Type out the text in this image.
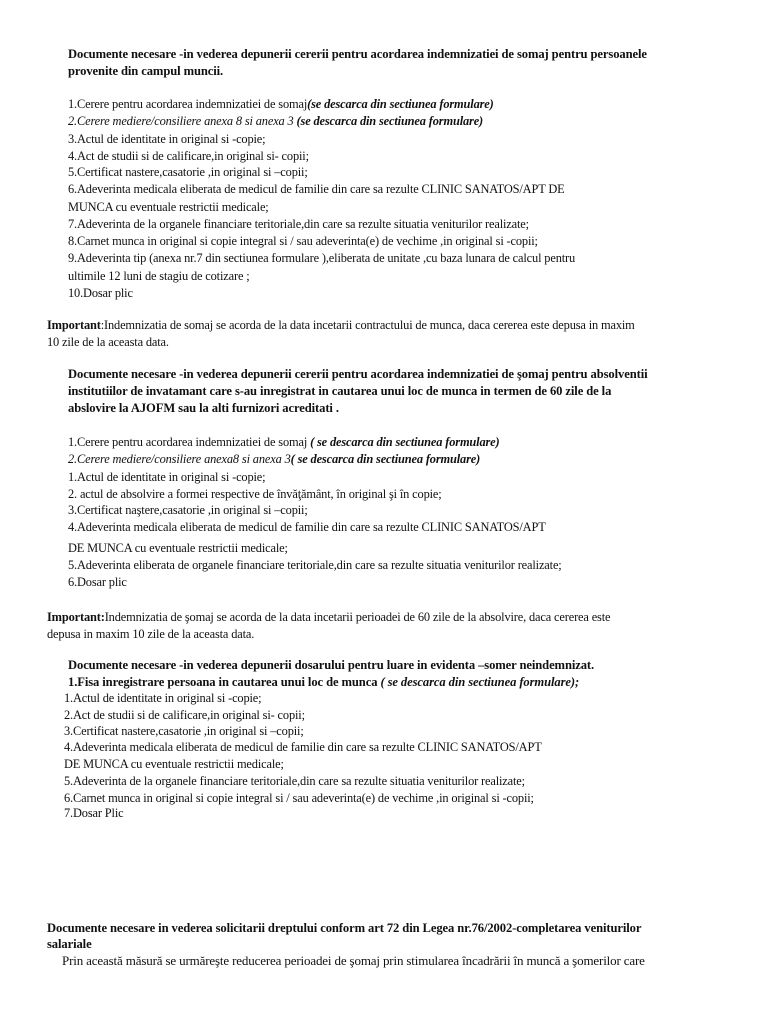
Documente necesare -in vederea depunerii cererii pentru acordarea indemnizatiei de somaj pentru persoanele
provenite din campul muncii.
1.Cerere pentru acordarea indemnizatiei de somaj(se descarca din sectiunea formulare)
2.Cerere mediere/consiliere anexa 8 si anexa 3 (se descarca din sectiunea formulare)
3.Actul de identitate in original si -copie;
4.Act de studii si de calificare,in original si- copii;
5.Certificat nastere,casatorie ,in original si –copii;
6.Adeverinta medicala eliberata de medicul de familie din care sa rezulte CLINIC SANATOS/APT DE
MUNCA cu eventuale restrictii medicale;
7.Adeverinta de la organele financiare teritoriale,din care sa rezulte situatia veniturilor realizate;
8.Carnet munca in original si copie integral si / sau adeverinta(e) de vechime ,in original si -copii;
9.Adeverinta tip (anexa nr.7 din sectiunea formulare ),eliberata de unitate ,cu baza lunara de calcul pentru
ultimile 12 luni de stagiu de cotizare ;
10.Dosar plic
Important:Indemnizatia de somaj se acorda de la data incetarii contractului de munca, daca cererea este depusa in maxim
10 zile de la aceasta data.
Documente necesare -in vederea depunerii cererii pentru acordarea indemnizatiei de şomaj pentru absolventii
institutiilor de invatamant care s-au inregistrat in cautarea unui loc de munca in termen de 60 zile de la
abslovire la AJOFM sau la alti furnizori acreditati .
1.Cerere pentru acordarea indemnizatiei de somaj ( se descarca din sectiunea formulare)
2.Cerere mediere/consiliere anexa8 si anexa 3( se descarca din sectiunea formulare)
1.Actul de identitate in original si -copie;
2. actul de absolvire a formei respective de învăţământ, în original şi în copie;
3.Certificat naştere,casatorie ,in original si –copii;
4.Adeverinta medicala eliberata de medicul de familie din care sa rezulte CLINIC SANATOS/APT
DE MUNCA cu eventuale restrictii medicale;
5.Adeverinta eliberata de organele financiare teritoriale,din care sa rezulte situatia veniturilor realizate;
6.Dosar plic
Important:Indemnizatia de şomaj se acorda de la data incetarii perioadei de 60 zile de la absolvire, daca cererea este
depusa in maxim 10 zile de la aceasta data.
Documente necesare -in vederea depunerii dosarului pentru luare in evidenta –somer neindemnizat.
1.Fisa inregistrare persoana in cautarea unui loc de munca ( se descarca din sectiunea formulare);
1.Actul de identitate in original si -copie;
2.Act de studii si de calificare,in original si- copii;
3.Certificat nastere,casatorie ,in original si –copii;
4.Adeverinta medicala eliberata de medicul de familie din care sa rezulte CLINIC SANATOS/APT
DE MUNCA cu eventuale restrictii medicale;
5.Adeverinta de la organele financiare teritoriale,din care sa rezulte situatia veniturilor realizate;
6.Carnet munca in original si copie integral si / sau adeverinta(e) de vechime ,in original si -copii;
7.Dosar Plic
Documente necesare in vederea solicitarii dreptului conform art 72 din Legea nr.76/2002-completarea veniturilor
salariale
Prin această măsură se urmăreşte reducerea perioadei de şomaj prin stimularea încadrării în muncă a şomerilor care
